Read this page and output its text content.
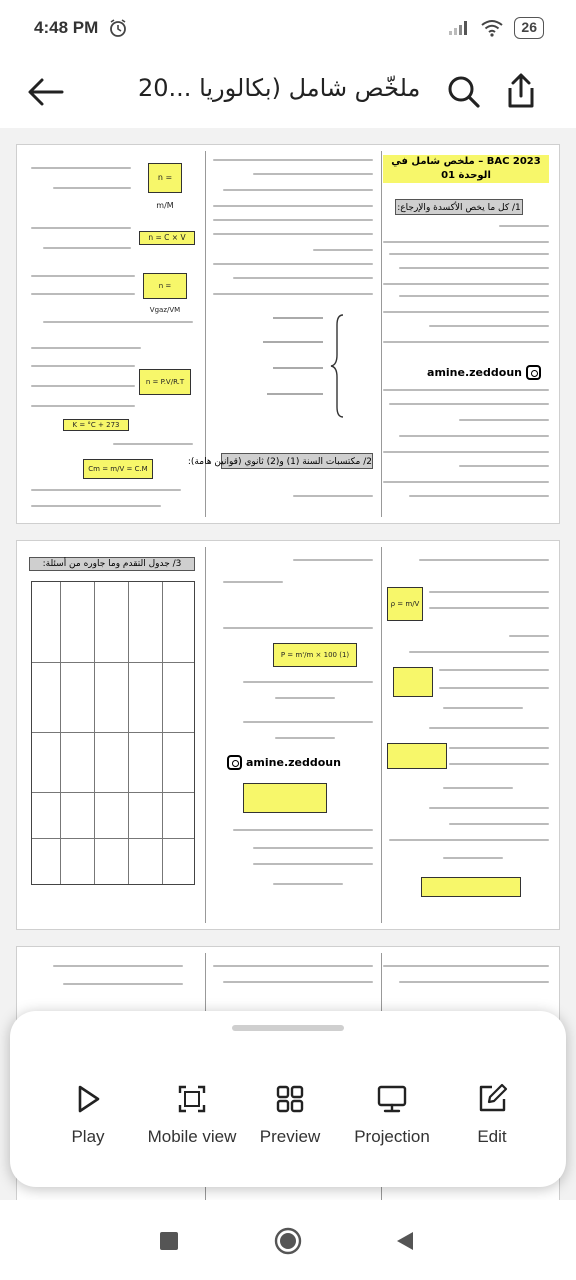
4:48 PM	26
ملخّص شامل (بكالوريا ...20
BAC 2023 – ملخص شامل في الوحدة 01
1/ كل ما يخص الأكسدة والإرجاع:
amine.zeddoun
2/ مكتسبات السنة (1) و(2) ثانوي (قوانين هامة):
n = m/M
n = C × V
n = Vgaz/VM
n = P.V/R.T
K = °C + 273
Cm = m/V = C.M
ρ = m/V
P = m'/m × 100 (1)
amine.zeddoun
3/ جدول التقدم وما جاوره من أسئلة:
Play	Mobile view Preview Projection	Edit
